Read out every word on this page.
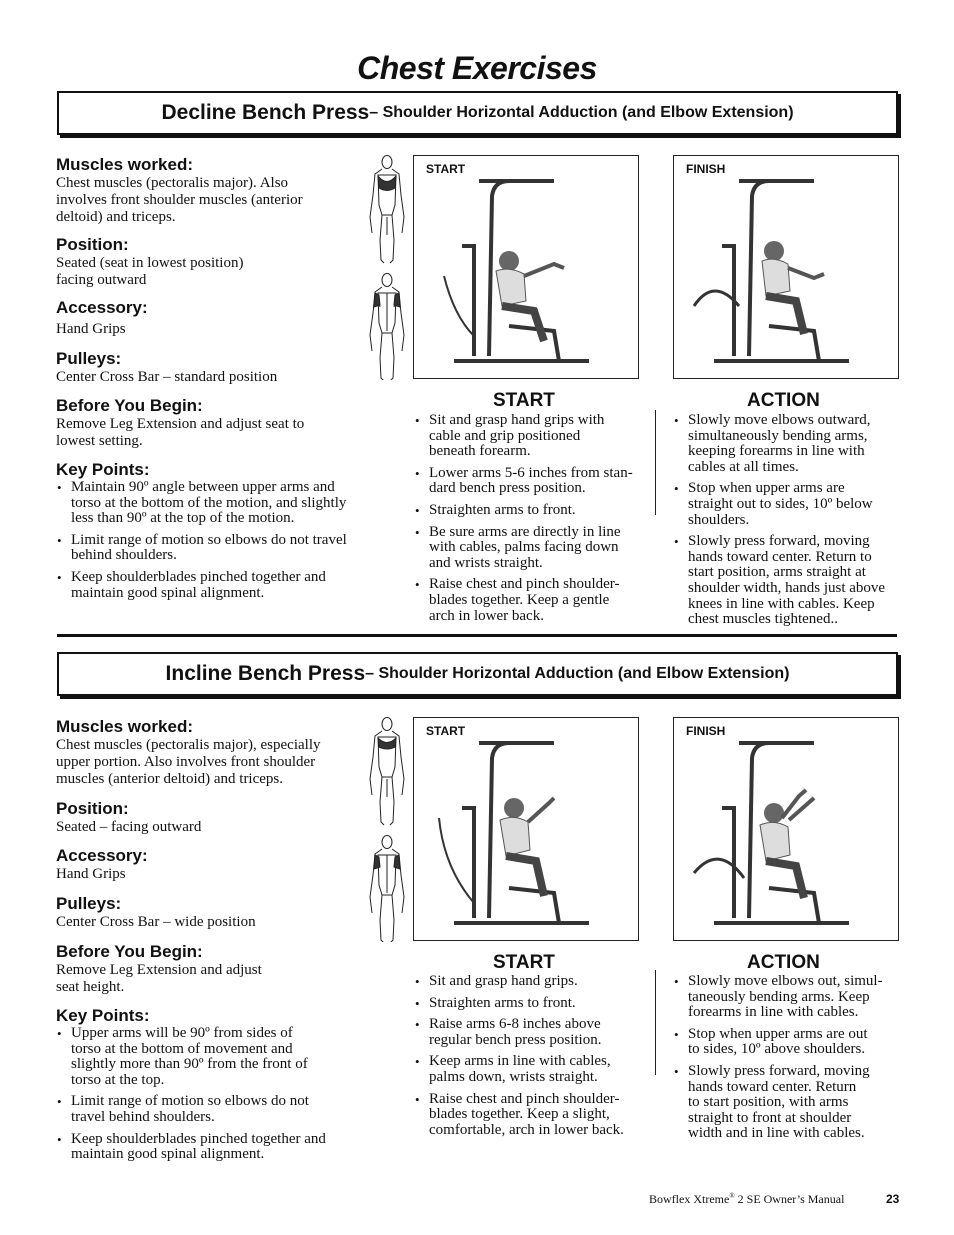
Chest Exercises
Decline Bench Press – Shoulder Horizontal Adduction (and Elbow Extension)

Muscles worked:

Chest muscles (pectoralis major). Also
involves front shoulder muscles (anterior
deltoid) and triceps.

Position:

Seated (seat in lowest position)
facing outward

Accessory:

Hand Grips

Pulleys:

Center Cross Bar – standard position

Before You Begin:

Remove Leg Extension and adjust seat to
lowest setting.

Key Points:

• Maintain 90º angle between upper arms and
torso at the bottom of the motion, and slightly
less than 90º at the top of the motion.
• Limit range of motion so elbows do not travel
behind shoulders.
• Keep shoulderblades pinched together and
maintain good spinal alignment.
START	FINISH
START
• Sit and grasp hand grips with
cable and grip positioned
beneath forearm.
• Lower arms 5-6 inches from stan-
dard bench press position.
• Straighten arms to front.
• Be sure arms are directly in line
with cables, palms facing down
and wrists straight.
• Raise chest and pinch shoulder-
blades together. Keep a gentle
arch in lower back.
ACTION
• Slowly move elbows outward,
simultaneously bending arms,
keeping forearms in line with
cables at all times.
• Stop when upper arms are
straight out to sides, 10º below
shoulders.
• Slowly press forward, moving
hands toward center. Return to
start position, arms straight at
shoulder width, hands just above
knees in line with cables. Keep
chest muscles tightened..
Incline Bench Press – Shoulder Horizontal Adduction (and Elbow Extension)

Muscles worked:

Chest muscles (pectoralis major), especially
upper portion. Also involves front shoulder
muscles (anterior deltoid) and triceps.

Position:

Seated – facing outward

Accessory:

Hand Grips

Pulleys:

Center Cross Bar – wide position

Before You Begin:

Remove Leg Extension and adjust
seat height.

Key Points:

• Upper arms will be 90º from sides of
torso at the bottom of movement and
slightly more than 90º from the front of
torso at the top.
• Limit range of motion so elbows do not
travel behind shoulders.
• Keep shoulderblades pinched together and
maintain good spinal alignment.
START	FINISH
START
• Sit and grasp hand grips.
• Straighten arms to front.
• Raise arms 6-8 inches above
regular bench press position.
• Keep arms in line with cables,
palms down, wrists straight.
• Raise chest and pinch shoulder-
blades together. Keep a slight,
comfortable, arch in lower back.
ACTION
• Slowly move elbows out, simul-
taneously bending arms. Keep
forearms in line with cables.
• Stop when upper arms are out
to sides, 10º above shoulders.
• Slowly press forward, moving
hands toward center. Return
to start position, with arms
straight to front at shoulder
width and in line with cables.
Bowflex Xtreme® 2 SE Owner’s Manual	23
